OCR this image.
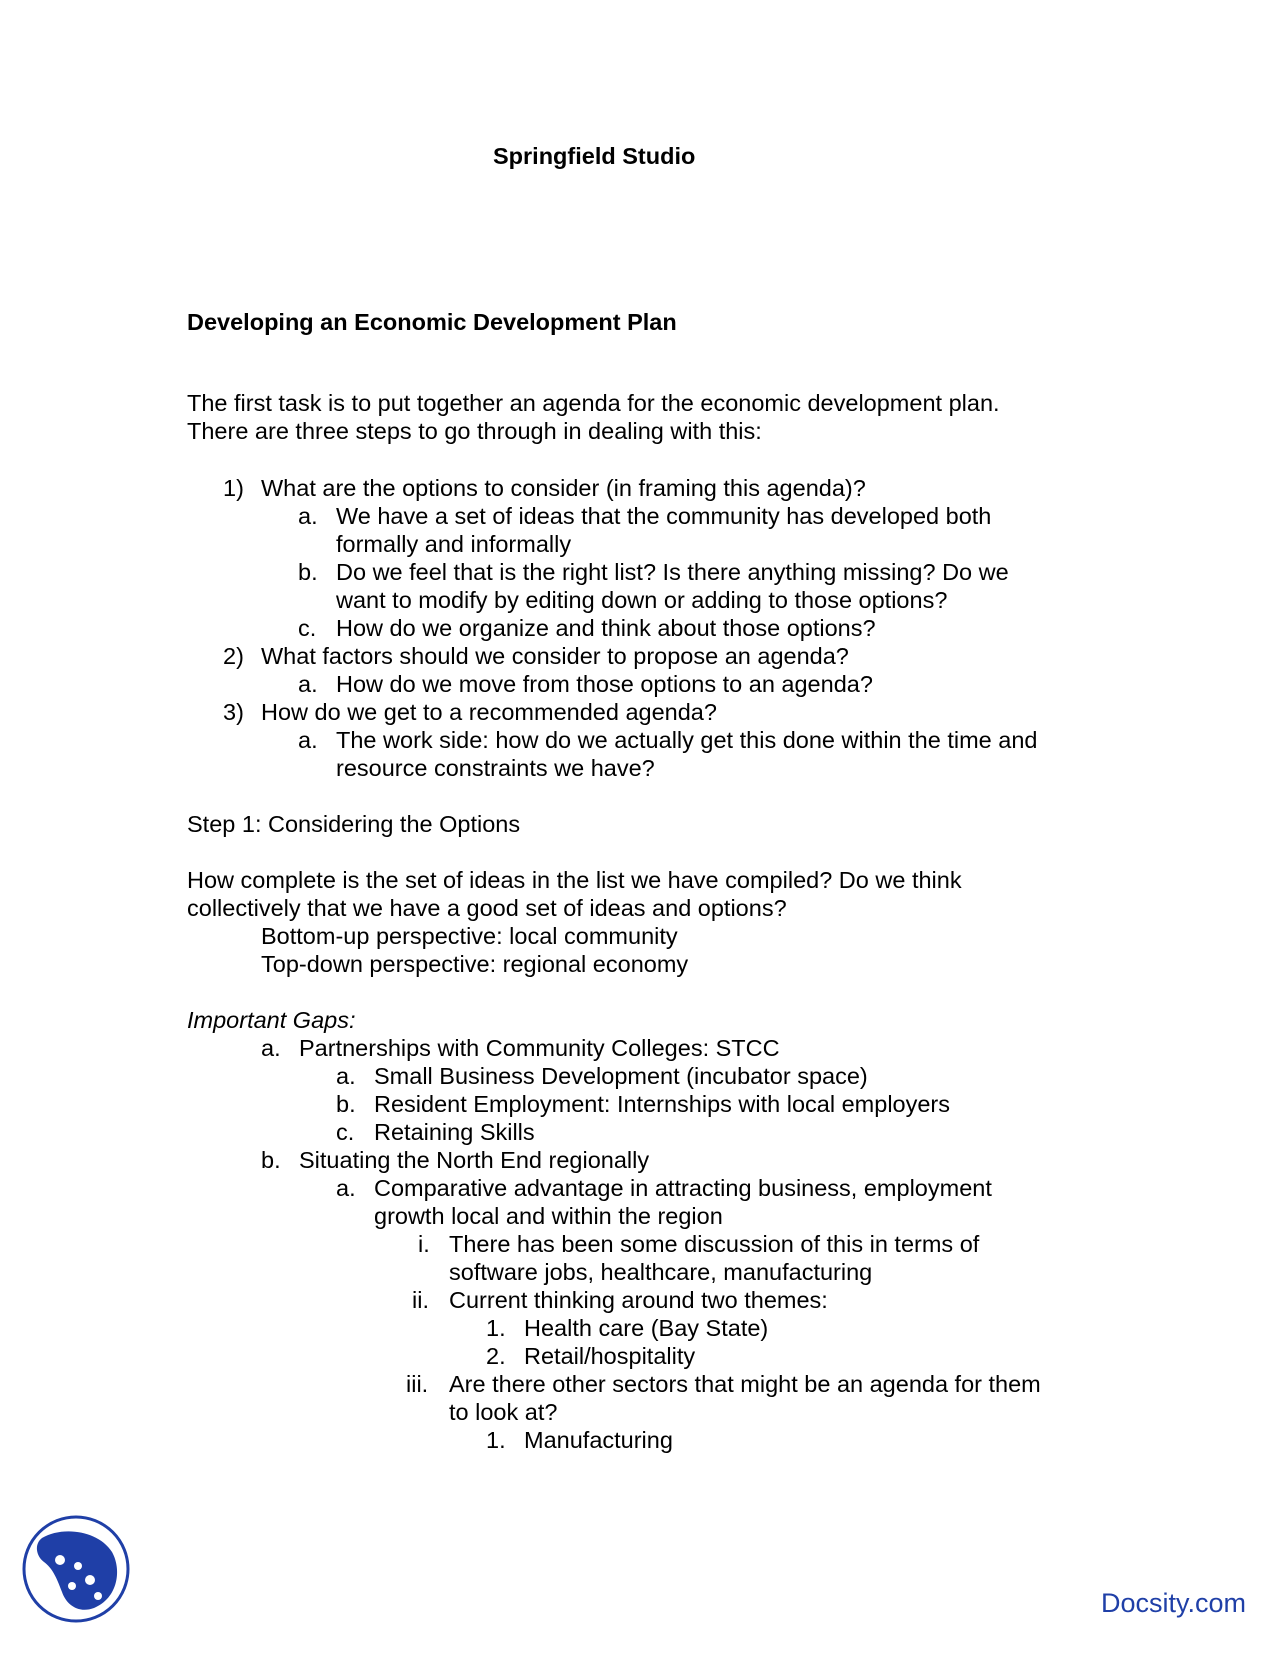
Springfield Studio
Developing an Economic Development Plan
The first task is to put together an agenda for the economic development plan.
There are three steps to go through in dealing with this:
1) What are the options to consider (in framing this agenda)?
a. We have a set of ideas that the community has developed both
formally and informally
b. Do we feel that is the right list? Is there anything missing? Do we
want to modify by editing down or adding to those options?
c. How do we organize and think about those options?
2) What factors should we consider to propose an agenda?
a. How do we move from those options to an agenda?
3) How do we get to a recommended agenda?
a. The work side: how do we actually get this done within the time and
resource constraints we have?
Step 1: Considering the Options
How complete is the set of ideas in the list we have compiled? Do we think
collectively that we have a good set of ideas and options?
Bottom-up perspective: local community
Top-down perspective: regional economy
Important Gaps:
a. Partnerships with Community Colleges: STCC
a. Small Business Development (incubator space)
b. Resident Employment: Internships with local employers
c. Retaining Skills
b. Situating the North End regionally
a. Comparative advantage in attracting business, employment
growth local and within the region
i. There has been some discussion of this in terms of
software jobs, healthcare, manufacturing
ii. Current thinking around two themes:
1. Health care (Bay State)
2. Retail/hospitality
iii. Are there other sectors that might be an agenda for them
to look at?
1. Manufacturing
Docsity.com
